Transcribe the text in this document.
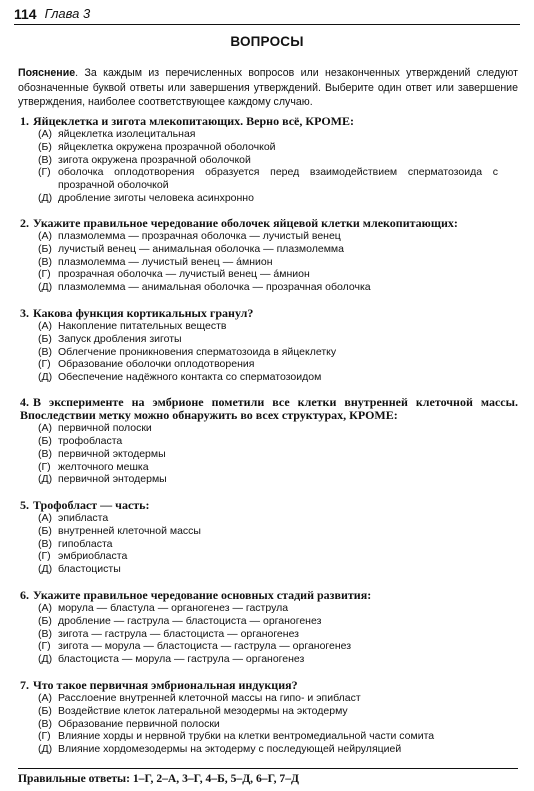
114 Глава 3
ВОПРОСЫ
Пояснение. За каждым из перечисленных вопросов или незаконченных утверждений следуют обозначенные буквой ответы или завершения утверждений. Выберите один ответ или завершение утверждения, наиболее соответствующее каждому случаю.
1. Яйцеклетка и зигота млекопитающих. Верно всё, КРОМЕ:
(А) яйцеклетка изолецитальная
(Б) яйцеклетка окружена прозрачной оболочкой
(В) зигота окружена прозрачной оболочкой
(Г) оболочка оплодотворения образуется перед взаимодействием сперматозоида с прозрачной оболочкой
(Д) дробление зиготы человека асинхронно
2. Укажите правильное чередование оболочек яйцевой клетки млекопитающих:
(А) плазмолемма — прозрачная оболочка — лучистый венец
(Б) лучистый венец — анимальная оболочка — плазмолемма
(В) плазмолемма — лучистый венец — áмнион
(Г) прозрачная оболочка — лучистый венец — áмнион
(Д) плазмолемма — анимальная оболочка — прозрачная оболочка
3. Какова функция кортикальных гранул?
(А) Накопление питательных веществ
(Б) Запуск дробления зиготы
(В) Облегчение проникновения сперматозоида в яйцеклетку
(Г) Образование оболочки оплодотворения
(Д) Обеспечение надёжного контакта со сперматозоидом
4. В эксперименте на эмбрионе пометили все клетки внутренней клеточной массы. Впоследствии метку можно обнаружить во всех структурах, КРОМЕ:
(А) первичной полоски
(Б) трофобласта
(В) первичной эктодермы
(Г) желточного мешка
(Д) первичной энтодермы
5. Трофобласт — часть:
(А) эпибласта
(Б) внутренней клеточной массы
(В) гипобласта
(Г) эмбриобласта
(Д) бластоцисты
6. Укажите правильное чередование основных стадий развития:
(А) морула — бластула — органогенез — гаструла
(Б) дробление — гаструла — бластоциста — органогенез
(В) зигота — гаструла — бластоциста — органогенез
(Г) зигота — морула — бластоциста — гаструла — органогенез
(Д) бластоциста — морула — гаструла — органогенез
7. Что такое первичная эмбриональная индукция?
(А) Расслоение внутренней клеточной массы на гипо- и эпибласт
(Б) Воздействие клеток латеральной мезодермы на эктодерму
(В) Образование первичной полоски
(Г) Влияние хорды и нервной трубки на клетки вентромедиальной части сомита
(Д) Влияние хордомезодермы на эктодерму с последующей нейруляцией
Правильные ответы: 1–Г, 2–А, 3–Г, 4–Б, 5–Д, 6–Г, 7–Д
